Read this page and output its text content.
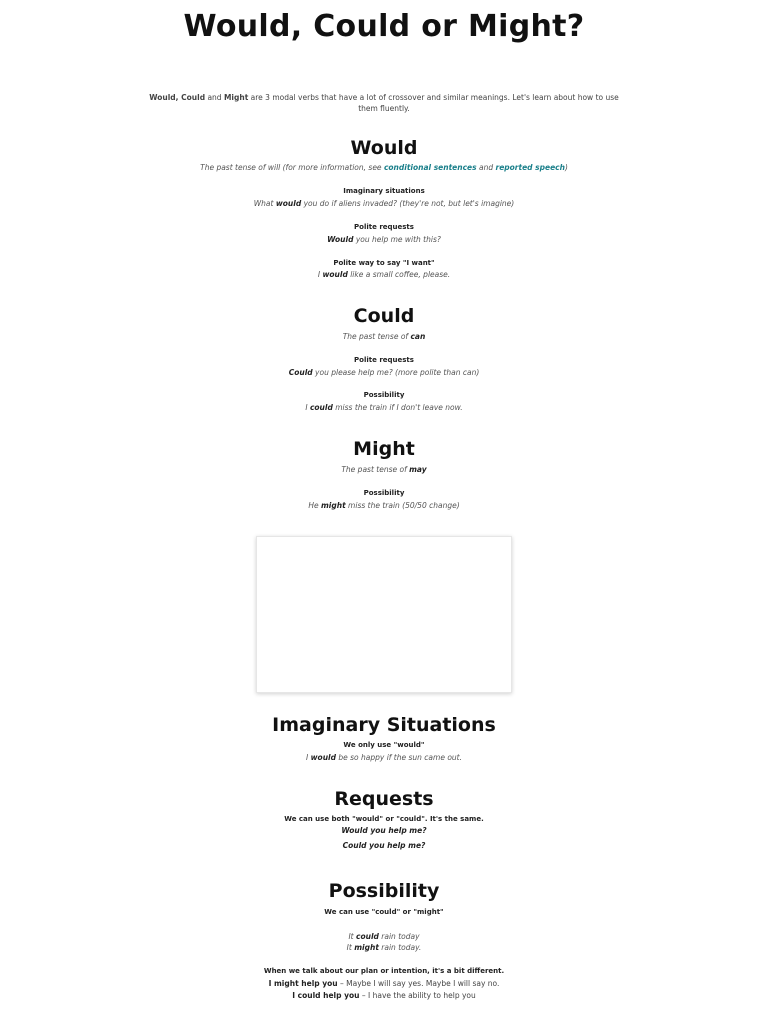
Would, Could or Might?
Would, Could and Might are 3 modal verbs that have a lot of crossover and similar meanings. Let's learn about how to use them fluently.
Would
The past tense of will (for more information, see conditional sentences and reported speech)
Imaginary situations
What would you do if aliens invaded? (they're not, but let's imagine)
Polite requests
Would you help me with this?
Polite way to say "I want"
I would like a small coffee, please.
Could
The past tense of can
Polite requests
Could you please help me? (more polite than can)
Possibility
I could miss the train if I don't leave now.
Might
The past tense of may
Possibility
He might miss the train (50/50 change)
Imaginary Situations
We only use "would"
I would be so happy if the sun came out.
Requests
We can use both "would" or "could". It's the same.
Would you help me?
Could you help me?
Possibility
We can use "could" or "might"
It could rain today
It might rain today.
When we talk about our plan or intention, it's a bit different.
I might help you – Maybe I will say yes. Maybe I will say no.
I could help you – I have the ability to help you
